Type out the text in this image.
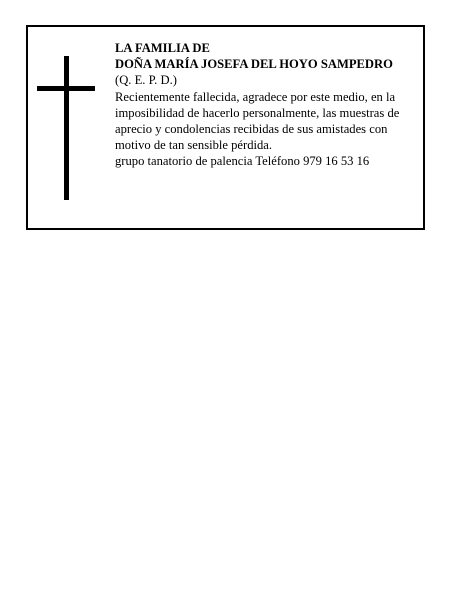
LA FAMILIA DE
DOÑA MARÍA JOSEFA DEL HOYO SAMPEDRO
(Q. E. P. D.)
Recientemente fallecida, agradece por este medio, en la imposibilidad de hacerlo personalmente, las muestras de aprecio y condolencias recibidas de sus amistades con motivo de tan sensible pérdida.
grupo tanatorio de palencia Teléfono 979 16 53 16
